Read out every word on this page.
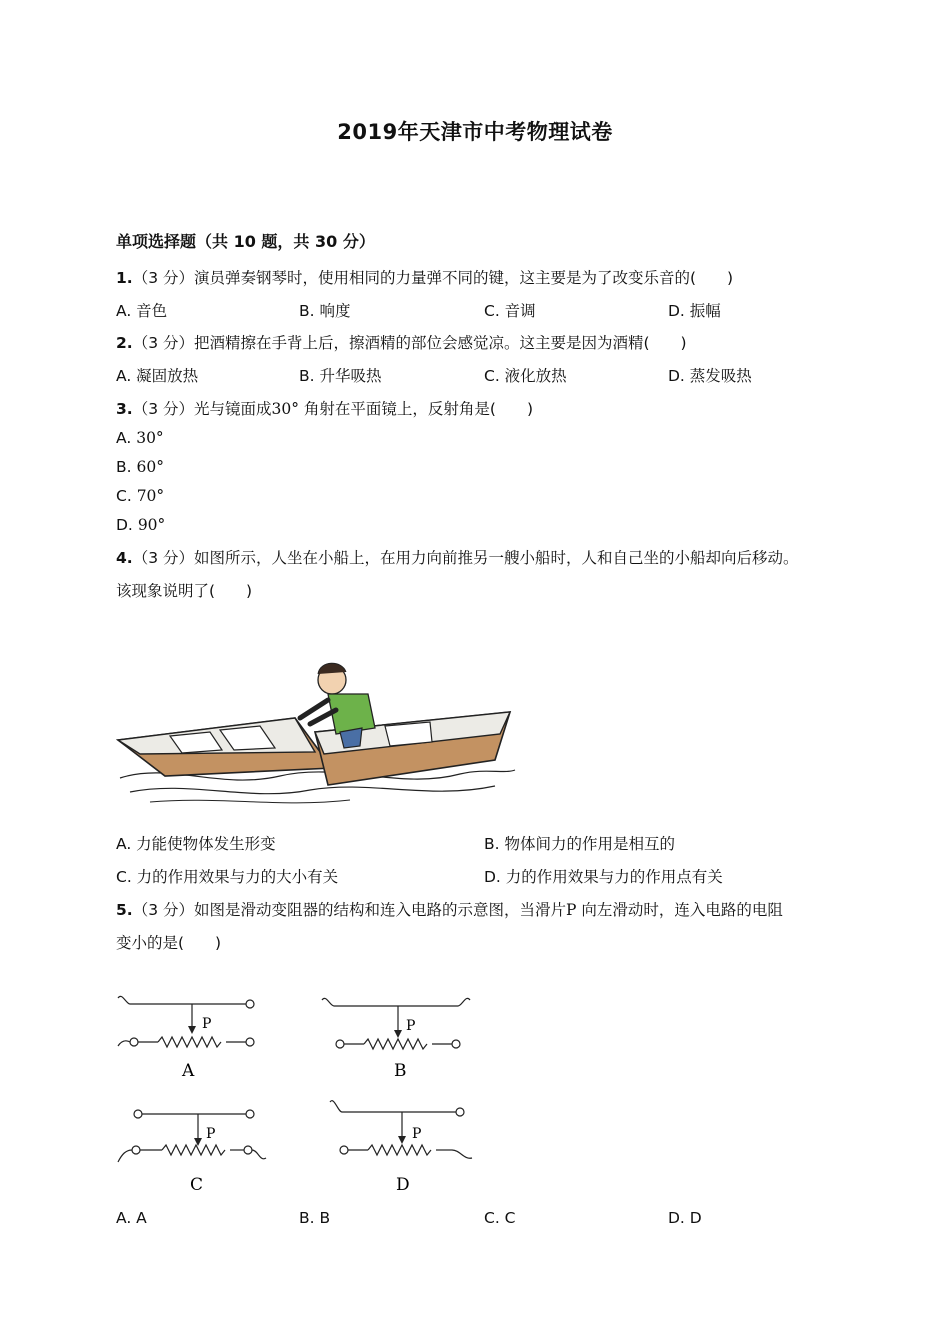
2019年天津市中考物理试卷
单项选择题（共 10 题，共 30 分）
1.（3 分）演员弹奏钢琴时，使用相同的力量弹不同的键，这主要是为了改变乐音的(　　)
A. 音色	B. 响度	C. 音调	D. 振幅
2.（3 分）把酒精擦在手背上后，擦酒精的部位会感觉凉。这主要是因为酒精(　　)
A. 凝固放热	B. 升华吸热	C. 液化放热	D. 蒸发吸热
3.（3 分）光与镜面成30° 角射在平面镜上，反射角是(　　)
A. 30°
B. 60°
C. 70°
D. 90°
4.（3 分）如图所示，人坐在小船上，在用力向前推另一艘小船时，人和自己坐的小船却向后移动。
该现象说明了(　　)
A. 力能使物体发生形变	B. 物体间力的作用是相互的
C. 力的作用效果与力的大小有关	D. 力的作用效果与力的作用点有关
5.（3 分）如图是滑动变阻器的结构和连入电路的示意图，当滑片P 向左滑动时，连入电路的电阻
变小的是(　　)
P
A
P
B
P
C
P
D
A. A	B. B	C. C	D. D
